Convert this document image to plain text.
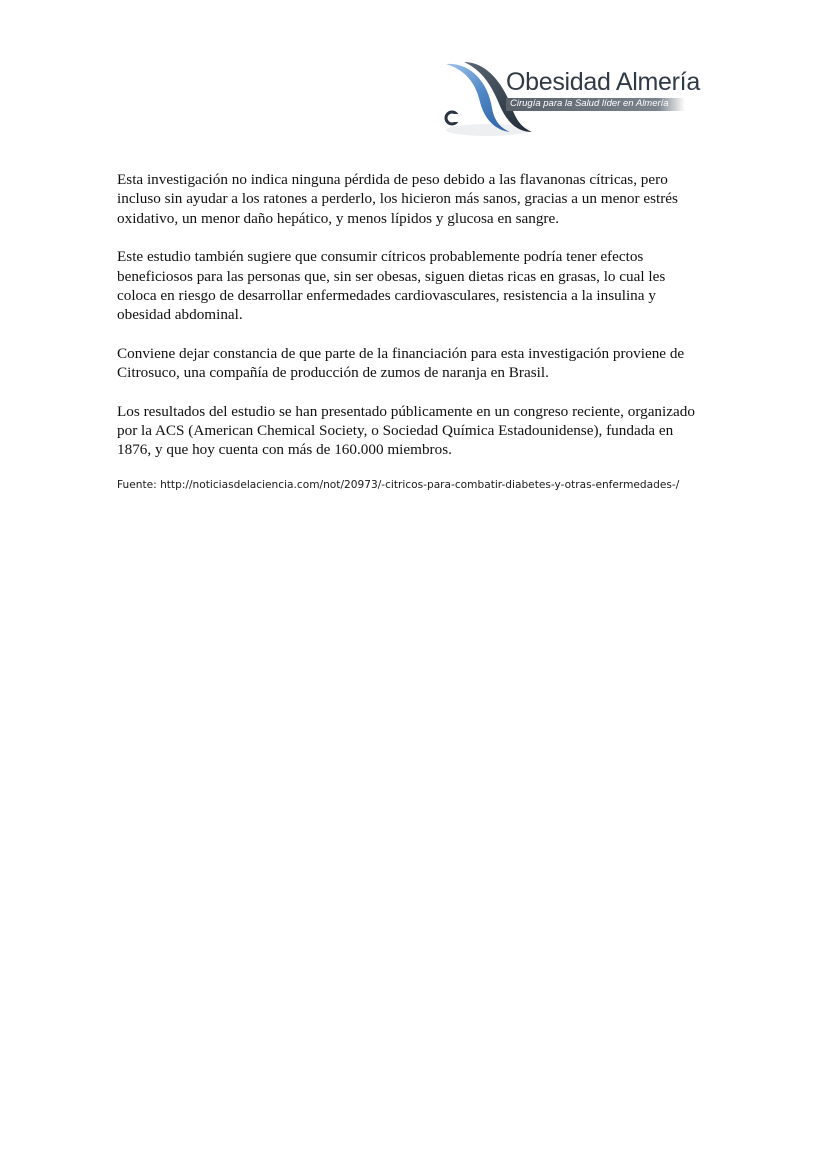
Obesidad Almería
Cirugía para la Salud líder en Almería

Esta investigación no indica ninguna pérdida de peso debido a las flavanonas cítricas, pero incluso sin ayudar a los ratones a perderlo, los hicieron más sanos, gracias a un menor estrés oxidativo, un menor daño hepático, y menos lípidos y glucosa en sangre.

Este estudio también sugiere que consumir cítricos probablemente podría tener efectos beneficiosos para las personas que, sin ser obesas, siguen dietas ricas en grasas, lo cual les coloca en riesgo de desarrollar enfermedades cardiovasculares, resistencia a la insulina y obesidad abdominal.

Conviene dejar constancia de que parte de la financiación para esta investigación proviene de Citrosuco, una compañía de producción de zumos de naranja en Brasil.

Los resultados del estudio se han presentado públicamente en un congreso reciente, organizado por la ACS (American Chemical Society, o Sociedad Química Estadounidense), fundada en 1876, y que hoy cuenta con más de 160.000 miembros.

Fuente: http://noticiasdelaciencia.com/not/20973/-citricos-para-combatir-diabetes-y-otras-enfermedades-/
